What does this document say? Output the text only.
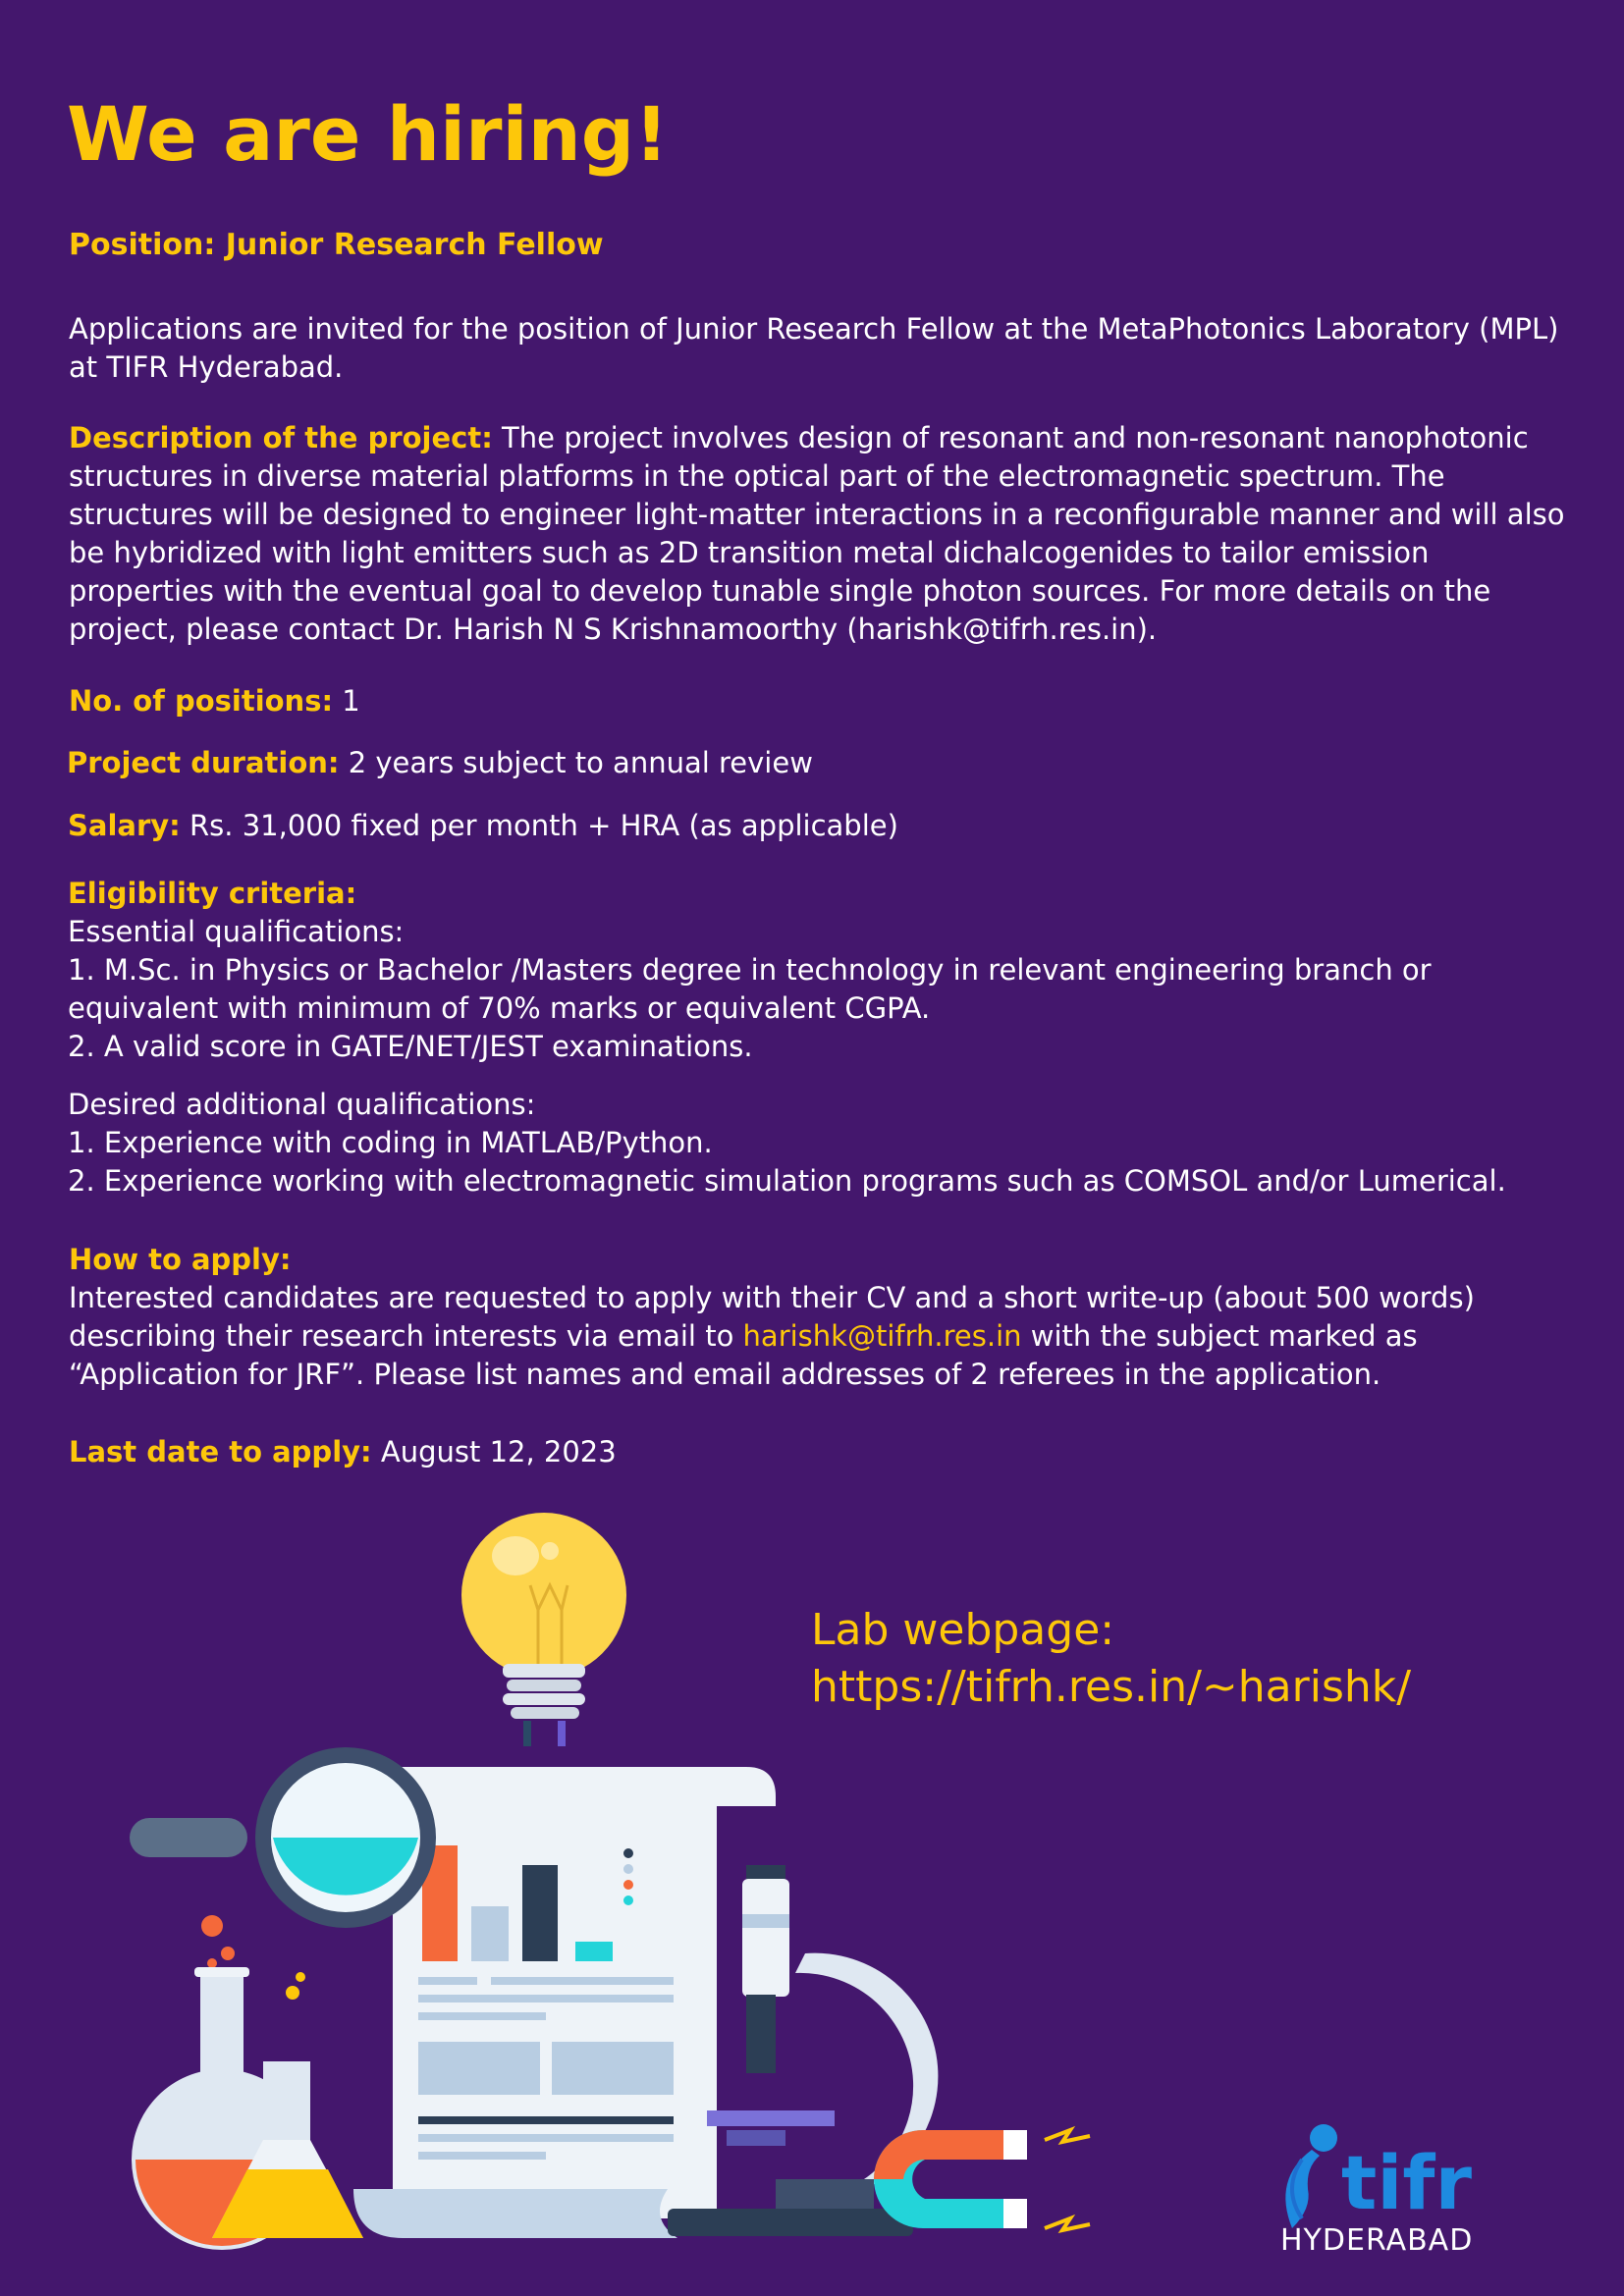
We are hiring!
Position: Junior Research Fellow
Applications are invited for the position of Junior Research Fellow at the MetaPhotonics Laboratory (MPL) at TIFR Hyderabad.
Description of the project: The project involves design of resonant and non-resonant nanophotonic structures in diverse material platforms in the optical part of the electromagnetic spectrum. The structures will be designed to engineer light-matter interactions in a reconfigurable manner and will also be hybridized with light emitters such as 2D transition metal dichalcogenides to tailor emission properties with the eventual goal to develop tunable single photon sources. For more details on the project, please contact Dr. Harish N S Krishnamoorthy (harishk@tifrh.res.in).
No. of positions: 1
Project duration: 2 years subject to annual review
Salary: Rs. 31,000 fixed per month + HRA (as applicable)
Eligibility criteria:
Essential qualifications:
1. M.Sc. in Physics or Bachelor /Masters degree in technology in relevant engineering branch or equivalent with minimum of 70% marks or equivalent CGPA.
2. A valid score in GATE/NET/JEST examinations.
Desired additional qualifications:
1. Experience with coding in MATLAB/Python.
2. Experience working with electromagnetic simulation programs such as COMSOL and/or Lumerical.
How to apply:
Interested candidates are requested to apply with their CV and a short write-up (about 500 words) describing their research interests via email to harishk@tifrh.res.in with the subject marked as “Application for JRF”. Please list names and email addresses of 2 referees in the application.
Last date to apply: August 12, 2023
Lab webpage:
https://tifrh.res.in/~harishk/
tifr
HYDERABAD
